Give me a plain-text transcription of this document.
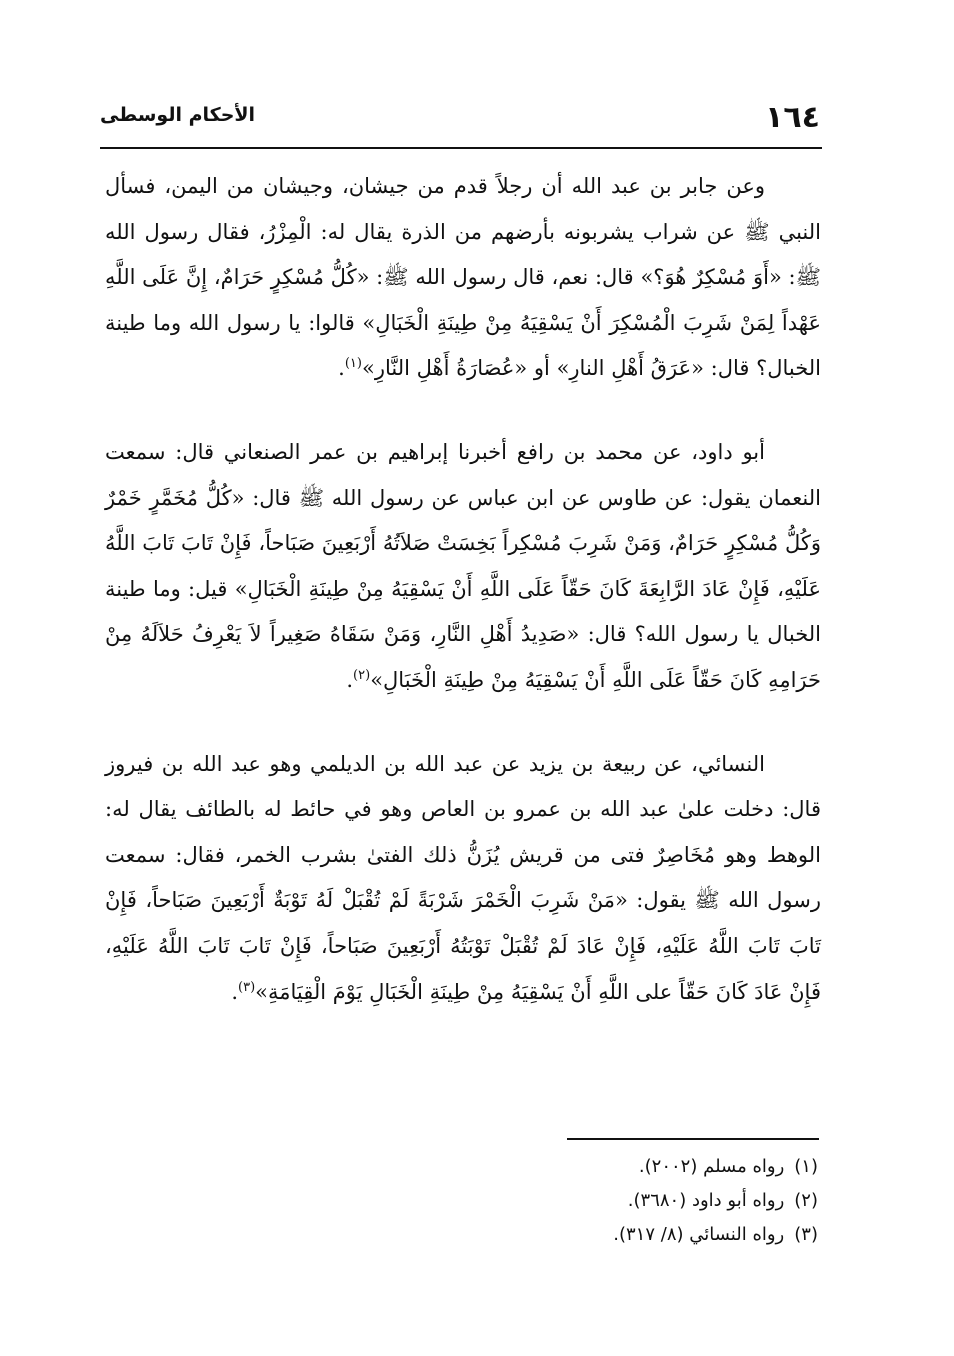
١٦٤
الأحكام الوسطى

وعن جابر بن عبد الله أن رجلاً قدم من جيشان، وجيشان من اليمن، فسأل النبي ﷺ عن شراب يشربونه بأرضهم من الذرة يقال له: الْمِزْرُ، فقال رسول الله ﷺ: «أَوَ مُسْكِرٌ هُوَ؟» قال: نعم، قال رسول الله ﷺ: «كُلُّ مُسْكِرٍ حَرَامٌ، إِنَّ عَلَى اللَّهِ عَهْداً لِمَنْ شَرِبَ الْمُسْكِرَ أَنْ يَسْقِيَهُ مِنْ طِينَةِ الْخَبَالِ» قالوا: يا رسول الله وما طينة الخبال؟ قال: «عَرَقُ أَهْلِ النارِ» أو «عُصَارَةُ أَهْلِ النَّارِ»$^{(١)}$.

أبو داود، عن محمد بن رافع أخبرنا إبراهيم بن عمر الصنعاني قال: سمعت النعمان يقول: عن طاوس عن ابن عباس عن رسول الله ﷺ قال: «كُلُّ مُخَمَّرٍ خَمْرٌ وَكُلُّ مُسْكِرٍ حَرَامٌ، وَمَنْ شَرِبَ مُسْكِراً بَخِسَتْ صَلاَتُهُ أَرْبَعِينَ صَبَاحاً، فَإِنْ تَابَ تَابَ اللَّهُ عَلَيْهِ، فَإِنْ عَادَ الرَّابِعَةَ كَانَ حَقّاً عَلَى اللَّهِ أَنْ يَسْقِيَهُ مِنْ طِينَةِ الْخَبَالِ» قيل: وما طينة الخبال يا رسول الله؟ قال: «صَدِيدُ أَهْلِ النَّارِ، وَمَنْ سَقَاهُ صَغِيراً لاَ يَعْرِفُ حَلاَلَهُ مِنْ حَرَامِهِ كَانَ حَقّاً عَلَى اللَّهِ أَنْ يَسْقِيَهُ مِنْ طِينَةِ الْخَبَالِ»$^{(٢)}$.

النسائي، عن ربيعة بن يزيد عن عبد الله بن الديلمي وهو عبد الله بن فيروز قال: دخلت علىٰ عبد الله بن عمرو بن العاص وهو في حائط له بالطائف يقال له: الوهط وهو مُخَاصِرٌ فتى من قريش يُزَنُّ ذلك الفتىٰ بشرب الخمر، فقال: سمعت رسول الله ﷺ يقول: «مَنْ شَرِبَ الْخَمْرَ شَرْبَةً لَمْ تُقْبَلْ لَهُ تَوْبَةٌ أَرْبَعِينَ صَبَاحاً، فَإِنْ تَابَ تَابَ اللَّهُ عَلَيْهِ، فَإِنْ عَادَ لَمْ تُقْبَلْ تَوْبَتُهُ أَرْبَعِينَ صَبَاحاً، فَإِنْ تَابَ تَابَ اللَّهُ عَلَيْهِ، فَإِنْ عَادَ كَانَ حَقّاً على اللَّهِ أَنْ يَسْقِيَهُ مِنْ طِينَةِ الْخَبَالِ يَوْمَ الْقِيَامَةِ»$^{(٣)}$.

(١)رواه مسلم (٢٠٠٢).
(٢)رواه أبو داود (٣٦٨٠).
(٣)رواه النسائي (٨/ ٣١٧).
